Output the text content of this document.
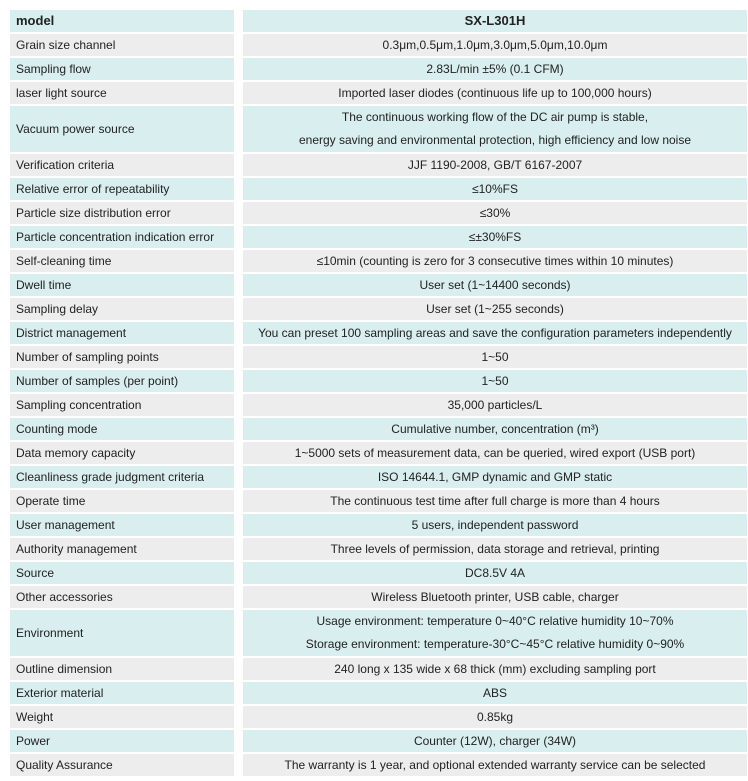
model	SX-L301H
Grain size channel	0.3μm,0.5μm,1.0μm,3.0μm,5.0μm,10.0μm
Sampling flow	2.83L/min ±5% (0.1 CFM)
laser light source	Imported laser diodes (continuous life up to 100,000 hours)
Vacuum power source	The continuous working flow of the DC air pump is stable,
energy saving and environmental protection, high efficiency and low noise

Verification criteria	JJF 1190-2008, GB/T 6167-2007
Relative error of repeatability	≤10%FS
Particle size distribution error	≤30%
Particle concentration indication error	≤±30%FS
Self-cleaning time	≤10min (counting is zero for 3 consecutive times within 10 minutes)
Dwell time	User set (1~14400 seconds)
Sampling delay	User set (1~255 seconds)
District management	You can preset 100 sampling areas and save the configuration parameters independently
Number of sampling points	1~50
Number of samples (per point)	1~50
Sampling concentration	35,000 particles/L
Counting mode	Cumulative number, concentration (m³)
Data memory capacity	1~5000 sets of measurement data, can be queried, wired export (USB port)
Cleanliness grade judgment criteria	ISO 14644.1, GMP dynamic and GMP static
Operate time	The continuous test time after full charge is more than 4 hours
User management	5 users, independent password
Authority management	Three levels of permission, data storage and retrieval, printing
Source	DC8.5V 4A
Other accessories	Wireless Bluetooth printer, USB cable, charger
Environment	Usage environment: temperature 0~40°C relative humidity 10~70%
Storage environment: temperature-30°C~45°C relative humidity 0~90%

Outline dimension	240 long x 135 wide x 68 thick (mm) excluding sampling port
Exterior material	ABS
Weight	0.85kg
Power	Counter (12W), charger (34W)
Quality Assurance	The warranty is 1 year, and optional extended warranty service can be selected
